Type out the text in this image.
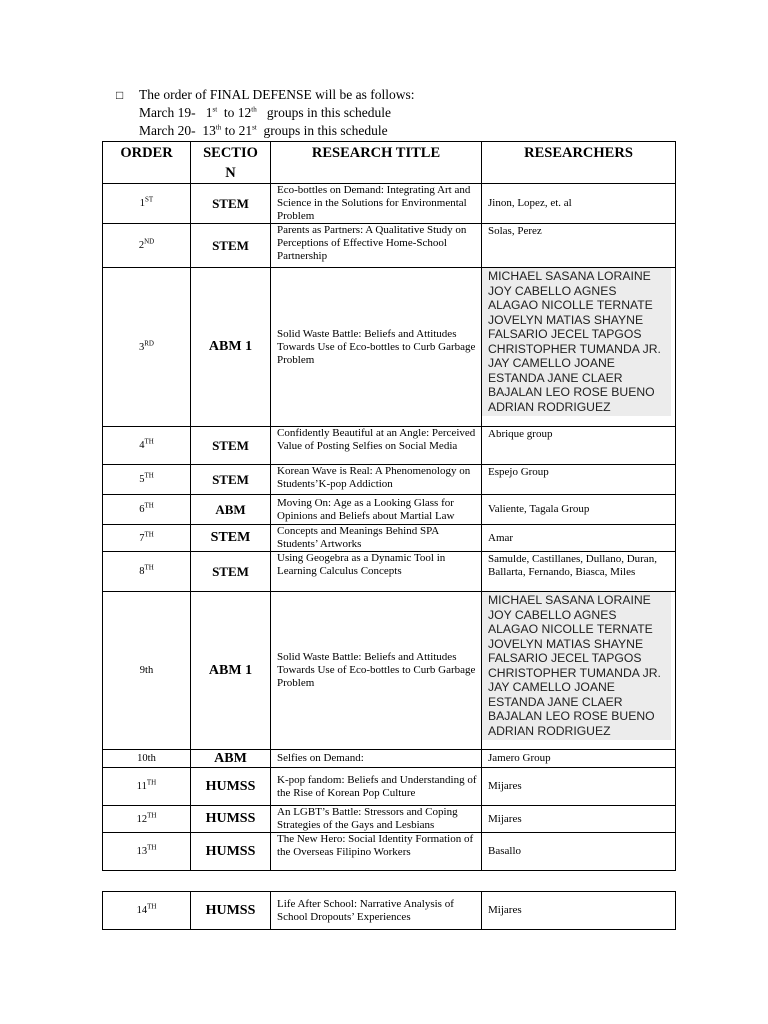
□	The order of FINAL DEFENSE will be as follows:
March 19- 1st to 12th groups in this schedule
March 20- 13th to 21st groups in this schedule
ORDER	SECTIO N	RESEARCH TITLE	RESEARCHERS
1ST	STEM	Eco-bottles on Demand: Integrating Art and Science in the Solutions for Environmental Problem	Jinon, Lopez, et. al
2ND	STEM	Parents as Partners: A Qualitative Study on Perceptions of Effective Home-School Partnership	Solas, Perez
3RD	ABM 1	Solid Waste Battle: Beliefs and Attitudes Towards Use of Eco-bottles to Curb Garbage Problem	MICHAEL SASANA LORAINE JOY CABELLO AGNES ALAGAO NICOLLE TERNATE JOVELYN MATIAS SHAYNE FALSARIO JECEL TAPGOS CHRISTOPHER TUMANDA JR. JAY CAMELLO JOANE ESTANDA JANE CLAER BAJALAN LEO ROSE BUENO ADRIAN RODRIGUEZ

4TH	STEM	Confidently Beautiful at an Angle: Perceived Value of Posting Selfies on Social Media	Abrique group
5TH	STEM	Korean Wave is Real: A Phenomenology on Students’K-pop Addiction	Espejo Group
6TH	ABM	Moving On: Age as a Looking Glass for Opinions and Beliefs about Martial Law	Valiente, Tagala Group
7TH	STEM	Concepts and Meanings Behind SPA Students’ Artworks	Amar
8TH	STEM	Using Geogebra as a Dynamic Tool in Learning Calculus Concepts	Samulde, Castillanes, Dullano, Duran, Ballarta, Fernando, Biasca, Miles
9th	ABM 1	Solid Waste Battle: Beliefs and Attitudes Towards Use of Eco-bottles to Curb Garbage Problem	MICHAEL SASANA LORAINE JOY CABELLO AGNES ALAGAO NICOLLE TERNATE JOVELYN MATIAS SHAYNE FALSARIO JECEL TAPGOS CHRISTOPHER TUMANDA JR. JAY CAMELLO JOANE ESTANDA JANE CLAER BAJALAN LEO ROSE BUENO ADRIAN RODRIGUEZ

10th	ABM	Selfies on Demand:	Jamero Group
11TH	HUMSS	K-pop fandom: Beliefs and Understanding of the Rise of Korean Pop Culture	Mijares
12TH	HUMSS	An LGBT’s Battle: Stressors and Coping Strategies of the Gays and Lesbians	Mijares
13TH	HUMSS	The New Hero: Social Identity Formation of the Overseas Filipino Workers	Basallo
14TH	HUMSS	Life After School: Narrative Analysis of School Dropouts’ Experiences	Mijares
